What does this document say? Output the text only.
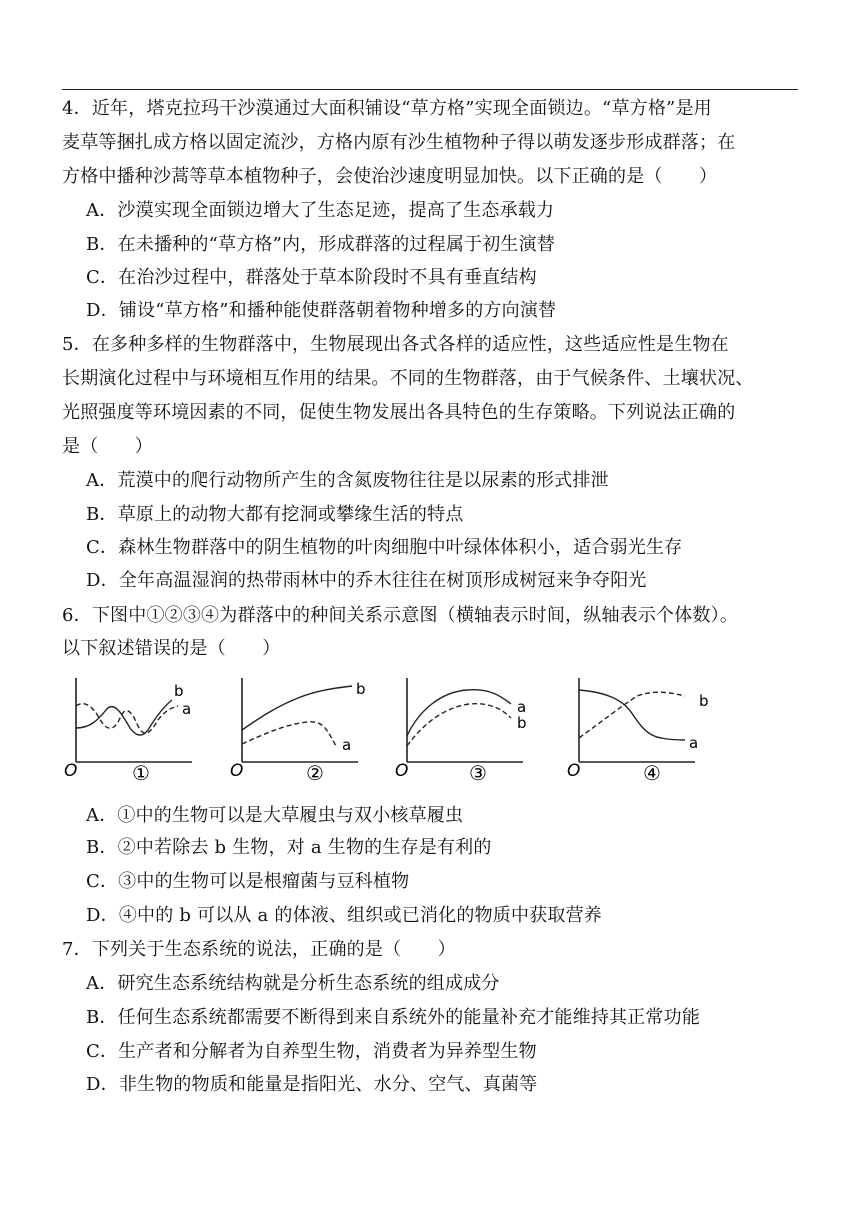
4．近年，塔克拉玛干沙漠通过大面积铺设“草方格”实现全面锁边。“草方格”是用
麦草等捆扎成方格以固定流沙，方格内原有沙生植物种子得以萌发逐步形成群落；在
方格中播种沙蒿等草本植物种子，会使治沙速度明显加快。以下正确的是（　　）
A．沙漠实现全面锁边增大了生态足迹，提高了生态承载力
B．在未播种的“草方格”内，形成群落的过程属于初生演替
C．在治沙过程中，群落处于草本阶段时不具有垂直结构
D．铺设“草方格”和播种能使群落朝着物种增多的方向演替
5．在多种多样的生物群落中，生物展现出各式各样的适应性，这些适应性是生物在
长期演化过程中与环境相互作用的结果。不同的生物群落，由于气候条件、土壤状况、
光照强度等环境因素的不同，促使生物发展出各具特色的生存策略。下列说法正确的
是（　　）
A．荒漠中的爬行动物所产生的含氮废物往往是以尿素的形式排泄
B．草原上的动物大都有挖洞或攀缘生活的特点
C．森林生物群落中的阴生植物的叶肉细胞中叶绿体体积小，适合弱光生存
D．全年高温湿润的热带雨林中的乔木往往在树顶形成树冠来争夺阳光
6．下图中①②③④为群落中的种间关系示意图（横轴表示时间，纵轴表示个体数）。
以下叙述错误的是（　　）
b
a
O	①
b
a
O	②
a
b
O	③
b
a
O	④
A．①中的生物可以是大草履虫与双小核草履虫
B．②中若除去 b 生物，对 a 生物的生存是有利的
C．③中的生物可以是根瘤菌与豆科植物
D．④中的 b 可以从 a 的体液、组织或已消化的物质中获取营养
7．下列关于生态系统的说法，正确的是（　　）
A．研究生态系统结构就是分析生态系统的组成成分
B．任何生态系统都需要不断得到来自系统外的能量补充才能维持其正常功能
C．生产者和分解者为自养型生物，消费者为异养型生物
D．非生物的物质和能量是指阳光、水分、空气、真菌等
